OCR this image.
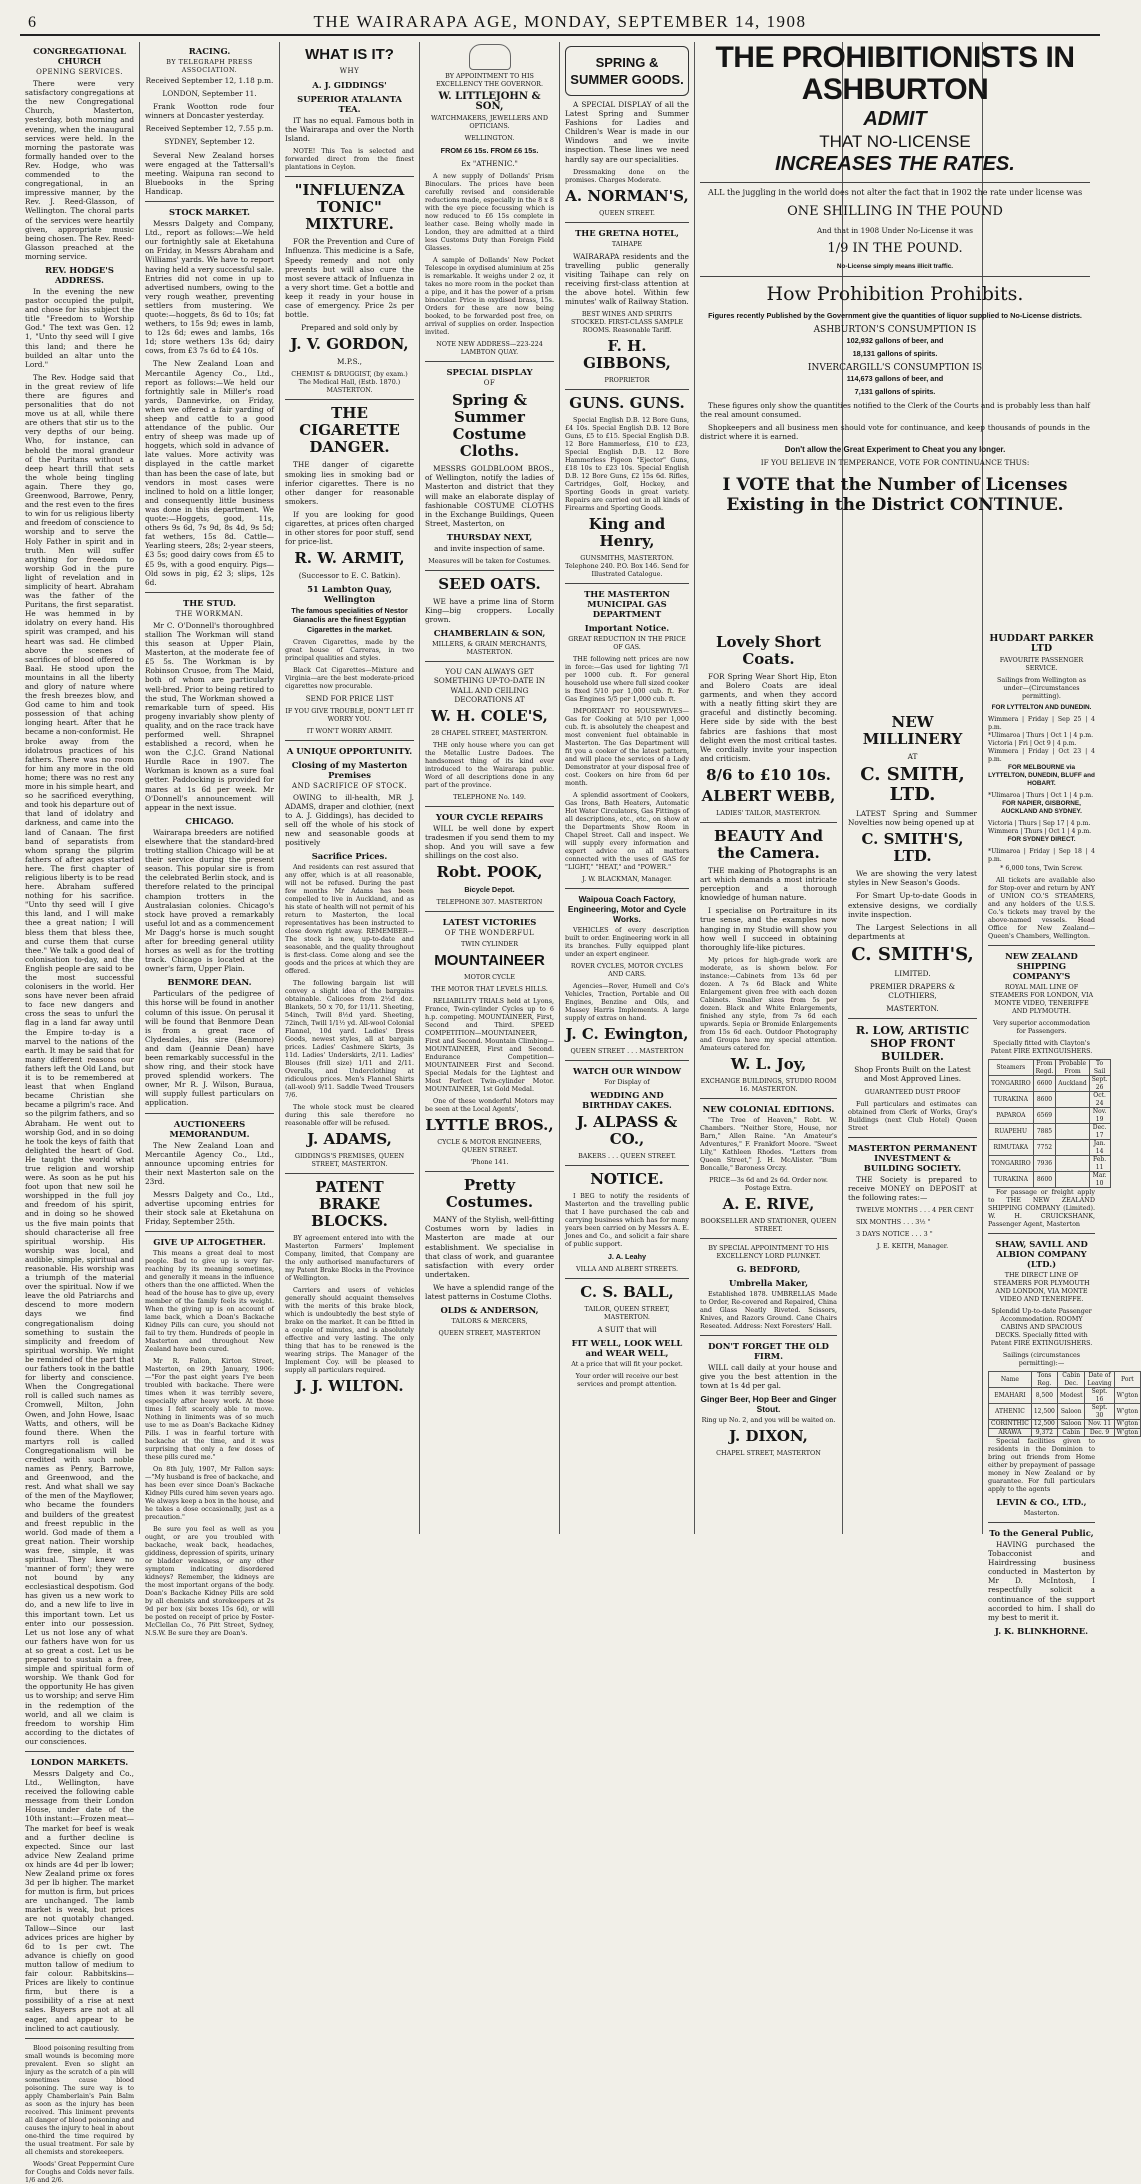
6	THE WAIRARAPA AGE, MONDAY, SEPTEMBER 14, 1908
CONGREGATIONAL CHURCH
OPENING SERVICES.

There were very satisfactory congregations at the new Congregational Church, Masterton, yesterday, both morning and evening, when the inaugural services were held. In the morning the pastorate was formally handed over to the Rev. Hodge, who was commended to the congregational, in an impressive manner, by the Rev. J. Reed-Glasson, of Wellington. The choral parts of the services were heartily given, appropriate music being chosen. The Rev. Reed-Glasson preached at the morning service.

REV. HODGE'S ADDRESS.

In the evening the new pastor occupied the pulpit, and chose for his subject the title "Freedom to Worship God." The text was Gen. 12 1, "Unto thy seed will I give this land; and there he builded an altar unto the Lord."

The Rev. Hodge said that in the great review of life there are figures and personalities that do not move us at all, while there are others that stir us to the very depths of our being. Who, for instance, can behold the moral grandeur of the Puritans without a deep heart thrill that sets the whole being tingling again. There they go, Greenwood, Barrowe, Penry, and the rest even to the fires to win for us religious liberty and freedom of conscience to worship and to serve the Holy Father in spirit and in truth. Men will suffer anything for freedom to worship God in the pure light of revelation and in simplicity of heart. Abraham was the father of the Puritans, the first separatist. He was hemmed in by idolatry on every hand. His spirit was cramped, and his heart was sad. He climbed above the scenes of sacrifices of blood offered to Baal. He stood upon the mountains in all the liberty and glory of nature where the fresh breezes blow, and God came to him and took possession of that aching longing heart. After that he became a non-conformist. He broke away from the idolatrous practices of his fathers. There was no room for him any more in the old home; there was no rest any more in his simple heart, and so he sacrificed everything, and took his departure out of that land of idolatry and darkness, and came into the land of Canaan. The first band of separatists from whom sprang the pilgrim fathers of after ages started here. The first chapter of religious liberty is to be read here. Abraham suffered nothing for his sacrifice. "Unto thy seed will I give this land, and I will make thee a great nation; I will bless them that bless thee, and curse them that curse thee." We talk a good deal of colonisation to-day, and the English people are said to be the most successful colonisers in the world. Her sons have never been afraid to face new dangers and cross the seas to unfurl the flag in a land far away until the Empire to-day is a marvel to the nations of the earth. It may be said that for many different reasons our fathers left the Old Land, but it is to be remembered at least that when England became Christian she became a pilgrim's race. And so the pilgrim fathers, and so Abraham. He went out to worship God, and in so doing he took the keys of faith that delighted the heart of God. He taught the world what true religion and worship were. As soon as he put his foot upon that new soil he worshipped in the full joy and freedom of his spirit, and in doing so he showed us the five main points that should characterise all free spiritual worship. His worship was local, and audible, simple, spiritual and reasonable. His worship was a triumph of the material over the spiritual. Now if we leave the old Patriarchs and descend to more modern days we find congregationalism doing something to sustain the simplicity and freedom of spiritual worship. We might be reminded of the part that our fathers took in the battle for liberty and conscience. When the Congregational roll is called such names as Cromwell, Milton, John Owen, and John Howe, Isaac Watts, and others, will be found there. When the martyrs roll is called Congregationalism will be credited with such noble names as Penry, Barrowe, and Greenwood, and the rest. And what shall we say of the men of the Mayflower, who became the founders and builders of the greatest and freest republic in the world. God made of them a great nation. Their worship was free, simple, it was spiritual. They knew no 'manner of form'; they were not bound by any ecclesiastical despotism. God has given us a new work to do, and a new life to live in this important town. Let us enter into our possession. Let us not lose any of what our fathers have won for us at so great a cost. Let us be prepared to sustain a free, simple and spiritual form of worship. We thank God for the opportunity He has given us to worship; and serve Him in the redemption of the world, and all we claim is freedom to worship Him according to the dictates of our consciences.

LONDON MARKETS.

Messrs Dalgety and Co., Ltd., Wellington, have received the following cable message from their London House, under date of the 10th instant:—Frozen meat—The market for beef is weak and a further decline is expected. Since our last advice New Zealand prime ox hinds are 4d per lb lower; New Zealand prime ox fores 3d per lb higher. The market for mutton is firm, but prices are unchanged. The lamb market is weak, but prices are not quotably changed. Tallow—Since our last advices prices are higher by 6d to 1s per cwt. The advance is chiefly on good mutton tallow of medium to fair colour. Rabbitskins—Prices are likely to continue firm, but there is a possibility of a rise at next sales. Buyers are not at all eager, and appear to be inclined to act cautiously.

Blood poisoning resulting from small wounds is becoming more prevalent. Even so slight an injury as the scratch of a pin will sometimes cause blood poisoning. The sure way is to apply Chamberlain's Pain Balm as soon as the injury has been received. This liniment prevents all danger of blood poisoning and causes the injury to heal in about one-third the time required by the usual treatment. For sale by all chemists and storekeepers.

Woods' Great Peppermint Cure for Coughs and Colds never fails. 1/6 and 2/6.

RACING.
BY TELEGRAPH PRESS ASSOCIATION.

Received September 12, 1.18 p.m.

LONDON, September 11.

Frank Wootton rode four winners at Doncaster yesterday.

Received September 12, 7.55 p.m.

SYDNEY, September 12.

Several New Zealand horses were engaged at the Tattersall's meeting. Waipuna ran second to Bluebooks in the Spring Handicap.

STOCK MARKET.

Messrs Dalgety and Company, Ltd., report as follows:—We held our fortnightly sale at Eketahuna on Friday, in Messrs Abraham and Williams' yards. We have to report having held a very successful sale. Entries did not come in up to advertised numbers, owing to the very rough weather, preventing settlers from mustering. We quote:—hoggets, 8s 6d to 10s; fat wethers, to 15s 9d; ewes in lamb, to 12s 6d; ewes and lambs, 16s 1d; store wethers 13s 6d; dairy cows, from £3 7s 6d to £4 10s.

The New Zealand Loan and Mercantile Agency Co., Ltd., report as follows:—We held our fortnightly sale in Miller's road yards, Dannevirke, on Friday, when we offered a fair yarding of sheep and cattle to a good attendance of the public. Our entry of sheep was made up of hoggets, which sold in advance of late values. More activity was displayed in the cattle market than has been the case of late, but vendors in most cases were inclined to hold on a little longer, and consequently little business was done in this department. We quote:—Hoggets, good, 11s, others 9s 6d, 7s 9d, 8s 4d, 9s 5d; fat wethers, 15s 8d. Cattle—Yearling steers, 28s; 2-year steers, £3 5s; good dairy cows from £5 to £5 9s, with a good enquiry. Pigs—Old sows in pig, £2 3; slips, 12s 6d.

THE STUD.
THE WORKMAN.

Mr C. O'Donnell's thoroughbred stallion The Workman will stand this season at Upper Plain, Masterton, at the moderate fee of £5 5s. The Workman is by Robinson Crusoe, from The Maid, both of whom are particularly well-bred. Prior to being retired to the stud, The Workman showed a remarkable turn of speed. His progeny invariably show plenty of quality, and on the race track have performed well. Shrapnel established a record, when he won the C.J.C. Grand National Hurdle Race in 1907. The Workman is known as a sure foal getter. Paddocking is provided for mares at 1s 6d per week. Mr O'Donnell's announcement will appear in the next issue.

CHICAGO.

Wairarapa breeders are notified elsewhere that the standard-bred trotting stallion Chicago will be at their service during the present season. This popular sire is from the celebrated Berlin stock, and is therefore related to the principal champion trotters in the Australasian colonies. Chicago's stock have proved a remarkably useful lot and as a commencement Mr Dagg's horse is much sought after for breeding general utility horses as well as for the trotting track. Chicago is located at the owner's farm, Upper Plain.

BENMORE DEAN.

Particulars of the pedigree of this horse will be found in another column of this issue. On perusal it will be found that Benmore Dean is from a great race of Clydesdales, his sire (Benmore) and dam (Jeannie Dean) have been remarkably successful in the show ring, and their stock have proved splendid workers. The owner, Mr R. J. Wilson, Buraua, will supply fullest particulars on application.

AUCTIONEERS MEMORANDUM.

The New Zealand Loan and Mercantile Agency Co., Ltd., announce upcoming entries for their next Masterton sale on the 23rd.

Messrs Dalgety and Co., Ltd., advertise upcoming entries for their stock sale at Eketahuna on Friday, September 25th.

GIVE UP ALTOGETHER.

This means a great deal to most people. Bad to give up is very far-reaching by its meaning sometimes, and generally it means in the influence others than the one afflicted. When the head of the house has to give up, every member of the family feels its weight. When the giving up is on account of lame back, which a Doan's Backache Kidney Pills can cure, you should not fail to try them. Hundreds of people in Masterton and throughout New Zealand have been cured.

Mr R. Fallon, Kirton Street, Masterton, on 29th January, 1906:—"For the past eight years I've been troubled with backache. There were times when it was terribly severe, especially after heavy work. At those times I felt scarcely able to move. Nothing in liniments was of so much use to me as Doan's Backache Kidney Pills. I was in fearful torture with backache at the time, and it was surprising that only a few doses of these pills cured me."

On 8th July, 1907, Mr Fallon says:—"My husband is free of backache, and has been ever since Doan's Backache Kidney Pills cured him seven years ago. We always keep a box in the house, and he takes a dose occasionally, just as a precaution."

Be sure you feel as well as you ought, or are you troubled with backache, weak back, headaches, giddiness, depression of spirits, urinary or bladder weakness, or any other symptom indicating disordered kidneys? Remember, the kidneys are the most important organs of the body. Doan's Backache Kidney Pills are sold by all chemists and storekeepers at 2s 9d per box (six boxes 15s 6d), or will be posted on receipt of price by Foster-McClellan Co., 76 Pitt Street, Sydney, N.S.W. Be sure they are Doan's.

WHAT IS IT?
WHY
A. J. GIDDINGS'
SUPERIOR ATALANTA TEA.

IT has no equal. Famous both in the Wairarapa and over the North Island.

NOTE! This Tea is selected and forwarded direct from the finest plantations in Ceylon.

"INFLUENZA TONIC" MIXTURE.

FOR the Prevention and Cure of Influenza. This medicine is a Safe, Speedy remedy and not only prevents but will also cure the most severe attack of Influenza in a very short time. Get a bottle and keep it ready in your house in case of emergency. Price 2s per bottle.

Prepared and sold only by

J. V. GORDON,

M.P.S.,

CHEMIST & DRUGGIST, (by exam.) The Medical Hall, (Estb. 1870.) MASTERTON.

THE CIGARETTE DANGER.

THE danger of cigarette smoking lies in smoking bad or inferior cigarettes. There is no other danger for reasonable smokers.

If you are looking for good cigarettes, at prices often charged in other stores for poor stuff, send for price-list.

R. W. ARMIT,

(Successor to E. C. Batkin).

51 Lambton Quay, Wellington

The famous specialities of Nestor Gianaclis are the finest Egyptian Cigarettes in the market.

Craven Cigarettes, made by the great house of Carreras, in two principal qualities and styles.

Black Cat Cigarettes—Mixture and Virginia—are the best moderate-priced cigarettes now procurable.

SEND FOR PRICE LIST

IF YOU GIVE TROUBLE, DON'T LET IT WORRY YOU.

IT WON'T WORRY ARMIT.

A UNIQUE OPPORTUNITY.
Closing of my Masterton Premises
AND SACRIFICE OF STOCK.

OWING to ill-health, MR J. ADAMS, draper and clothier, (next to A. J. Giddings), has decided to sell off the whole of his stock of new and seasonable goods at positively

Sacrifice Prices.

And residents can rest assured that any offer, which is at all reasonable, will not be refused. During the past few months Mr Adams has been compelled to live in Auckland, and as his state of health will not permit of his return to Masterton, the local representatives has been instructed to close down right away. REMEMBER—The stock is new, up-to-date and seasonable, and the quality throughout is first-class. Come along and see the goods and the prices at which they are offered.

The following bargain list will convey a slight idea of the bargains obtainable. Calicoes from 2½d doz. Blankets, 50 x 70, for 11/11. Sheeting, 54inch, Twill 8½d yard. Sheeting, 72inch, Twill 1/1½ yd. All-wool Colonial Flannel, 10d yard. Ladies' Dress Goods, newest styles, all at bargain prices. Ladies' Cashmere Skirts, 3s 11d. Ladies' Underskirts, 2/11. Ladies' Blouses (frill size) 1/11 and 2/11. Overalls, and Underclothing at ridiculous prices. Men's Flannel Shirts (all-wool) 9/11. Saddle Tweed Trousers 7/6.

The whole stock must be cleared during this sale therefore no reasonable offer will be refused.

J. ADAMS,

GIDDINGS'S PREMISES, QUEEN STREET, MASTERTON.

PATENT BRAKE BLOCKS.

BY agreement entered into with the Masterton Farmers' Implement Company, limited, that Company are the only authorised manufacturers of my Patent Brake Blocks in the Province of Wellington.

Carriers and users of vehicles generally should acquaint themselves with the merits of this brake block, which is undoubtedly the best style of brake on the market. It can be fitted in a couple of minutes, and is absolutely effective and very lasting. The only thing that has to be renewed is the wearing strips. The Manager of the Implement Coy. will be pleased to supply all particulars required.

J. J. WILTON.

BY APPOINTMENT TO HIS EXCELLENCY THE GOVERNOR.

W. LITTLEJOHN & SON,

WATCHMAKERS, JEWELLERS AND OPTICIANS.

WELLINGTON.

FROM £6 15s. FROM £6 15s.

Ex "ATHENIC."

A new supply of Dollands' Prism Binoculars. The prices have been carefully revised and considerable reductions made, especially in the 8 x 8 with the eye piece focussing which is now reduced to £6 15s complete in leather case. Being wholly made in London, they are admitted at a third less Customs Duty than Foreign Field Glasses.

A sample of Dollands' New Pocket Telescope in oxydised aluminium at 25s is remarkable. It weighs under 2 oz, it takes no more room in the pocket than a pipe, and it has the power of a prism binocular. Price in oxydised brass, 15s. Orders for these are now being booked, to be forwarded post free, on arrival of supplies on order. Inspection invited.

NOTE NEW ADDRESS—223-224 LAMBTON QUAY.

SPECIAL DISPLAY
OF
Spring & Summer Costume Cloths.

MESSRS GOLDBLOOM BROS., of Wellington, notify the ladies of Masterton and district that they will make an elaborate display of fashionable COSTUME CLOTHS in the Exchange Buildings, Queen Street, Masterton, on

THURSDAY NEXT,

and invite inspection of same.

Measures will be taken for Costumes.

SEED OATS.

WE have a prime lina of Storm King—big croppers. Locally grown.

CHAMBERLAIN & SON,

MILLERS, & GRAIN MERCHANTS, MASTERTON.

YOU CAN ALWAYS GET SOMETHING UP-TO-DATE IN WALL AND CEILING DECORATIONS AT

W. H. COLE'S,

28 CHAPEL STREET, MASTERTON.

THE only house where you can get the Metallic Lustre Dadoes. The handsomest thing of its kind ever introduced to the Wairarapa public. Word of all descriptions done in any part of the province.

TELEPHONE No. 149.

YOUR CYCLE REPAIRS

WILL be well done by expert tradesmen if you send them to my shop. And you will save a few shillings on the cost also.

Robt. POOK,

Bicycle Depot.

TELEPHONE 307. MASTERTON

LATEST VICTORIES
OF THE WONDERFUL

TWIN CYLINDER

MOUNTAINEER

MOTOR CYCLE

THE MOTOR THAT LEVELS HILLS.

RELIABILITY TRIALS held at Lyons, France, Twin-cylinder Cycles up to 6 h.p. competing. MOUNTAINEER, First, Second and Third. SPEED COMPETITION—MOUNTAINEER, First and Second. Mountain Climbing—MOUNTAINEER, First and Second. Endurance Competition—MOUNTAINEER First and Second. Special Medals for the Lightest and Most Perfect Twin-cylinder Motor. MOUNTAINEER, 1st Gold Medal.

One of these wonderful Motors may be seen at the Local Agents',

LYTTLE BROS.,

CYCLE & MOTOR ENGINEERS, QUEEN STREET.

'Phone 141.

Pretty Costumes.

MANY of the Stylish, well-fitting Costumes worn by ladies in Masterton are made at our establishment. We specialise in that class of work, and guarantee satisfaction with every order undertaken.

We have a splendid range of the latest patterns in Costume Cloths.

OLDS & ANDERSON,

TAILORS & MERCERS,

QUEEN STREET, MASTERTON

SPRING & SUMMER GOODS.

A SPECIAL DISPLAY of all the Latest Spring and Summer Fashions for Ladies and Children's Wear is made in our Windows and we invite inspection. These lines we need hardly say are our specialities.

Dressmaking done on the promises. Charges Moderate.

A. NORMAN'S,

QUEEN STREET.

THE GRETNA HOTEL,

TAIHAPE

WAIRARAPA residents and the travelling public generally visiting Taihape can rely on receiving first-class attention at the above hotel. Within few minutes' walk of Railway Station.

BEST WINES AND SPIRITS STOCKED. FIRST-CLASS SAMPLE ROOMS. Reasonable Tariff.

F. H. GIBBONS,

PROPRIETOR

GUNS. GUNS.

Special English D.B. 12 Bore Guns, £4 10s. Special English D.B. 12 Bore Guns, £5 to £15. Special English D.B. 12 Bore Hammerless, £10 to £23, Special English D.B. 12 Bore Hammerless Pigeon "Ejector" Guns, £18 10s to £23 10s. Special English D.B. 12 Bore Guns, £2 15s 6d. Rifles, Cartridges, Golf, Hockey, and Sporting Goods in great variety. Repairs are carried out in all kinds of Firearms and Sporting Goods.

King and Henry,

GUNSMITHS, MASTERTON. Telephone 240. P.O. Box 146. Send for Illustrated Catalogue.

THE MASTERTON MUNICIPAL GAS DEPARTMENT
Important Notice.

GREAT REDUCTION IN THE PRICE OF GAS.

THE following nett prices are now in force:—Gas used for lighting 7/1 per 1000 cub. ft. For general household use where full sized cooker is fixed 5/10 per 1,000 cub. ft. For Gas Engines 5/5 per 1,000 cub. ft.

IMPORTANT TO HOUSEWIVES—Gas for Cooking at 5/10 per 1,000 cub. ft. is absolutely the cheapest and most convenient fuel obtainable in Masterton. The Gas Department will fit you a cooker of the latest pattern, and will place the services of a Lady Demonstrator at your disposal free of cost. Cookers on hire from 6d per month.

A splendid assortment of Cookers, Gas Irons, Bath Heaters, Automatic Hot Water Circulators, Gas Fittings of all descriptions, etc., etc., on show at the Departments Show Room in Chapel Street. Call and inspect. We will supply every information and expert advice on all matters connected with the uses of GAS for "LIGHT," "HEAT," and "POWER."

J. W. BLACKMAN, Manager.

Waipoua Coach Factory, Engineering, Motor and Cycle Works.

VEHICLES of every description built to order. Engineering work in all its branches. Fully equipped plant under an expert engineer.

ROVER CYCLES, MOTOR CYCLES AND CARS.

Agencies—Rover, Humell and Co's Vehicles, Traction, Portable and Oil Engines, Benzine and Oils, and Massey Harris Implements. A large supply of extras on hand.

J. C. Ewington,

QUEEN STREET . . . MASTERTON

WATCH OUR WINDOW

For Display of

WEDDING AND BIRTHDAY CAKES.
J. ALPASS & CO.,

BAKERS . . . QUEEN STREET.

NOTICE.

I BEG to notify the residents of Masterton and the travelling public that I have purchased the cab and carrying business which has for many years been carried on by Messrs A. E. Jones and Co., and solicit a fair share of public support.

J. A. Leahy

VILLA AND ALBERT STREETS.

C. S. BALL,

TAILOR, QUEEN STREET, MASTERTON.

A SUIT that will

FIT WELL, LOOK WELL and WEAR WELL,

At a price that will fit your pocket.

Your order will receive our best services and prompt attention.

THE PROHIBITIONISTS IN ASHBURTON
ADMIT
THAT NO-LICENSE
INCREASES THE RATES.

ALL the juggling in the world does not alter the fact that in 1902 the rate under license was

ONE SHILLING IN THE POUND

And that in 1908 Under No-License it was

1/9 IN THE POUND.

No-License simply means illicit traffic.

How Prohibition Prohibits.

Figures recently Published by the Government give the quantities of liquor supplied to No-License districts.

ASHBURTON'S CONSUMPTION IS

102,932 gallons of beer, and

18,131 gallons of spirits.

INVERCARGILL'S CONSUMPTION IS

114,673 gallons of beer, and

7,131 gallons of spirits.

These figures only show the quantities notified to the Clerk of the Courts and is probably less than half the real amount consumed.

Shopkeepers and all business men should vote for continuance, and keep thousands of pounds in the district where it is earned.

Don't allow the Great Experiment to Cheat you any longer.

IF YOU BELIEVE IN TEMPERANCE, VOTE FOR CONTINUANCE THUS:

I VOTE that the Number of Licenses Existing in the District CONTINUE.
Lovely Short Coats.

FOR Spring Wear Short Hip, Eton and Bolero Coats are ideal garments, and when they accord with a neatly fitting skirt they are graceful and distinctly becoming. Here side by side with the best fabrics are fashions that most delight even the most critical tastes. We cordially invite your inspection and criticism.

8/6 to £10 10s.
ALBERT WEBB,

LADIES' TAILOR, MASTERTON.

BEAUTY And the Camera.

THE making of Photographs is an art which demands a most intricate perception and a thorough knowledge of human nature.

I specialise on Portraiture in its true sense, and the examples now hanging in my Studio will show you how well I succeed in obtaining thoroughly life-like pictures.

My prices for high-grade work are moderate, as is shown below. For instance:—Cabinets from 13s 6d per dozen. A 7s 6d Black and White Enlargement given free with each dozen Cabinets. Smaller sizes from 5s per dozen. Black and White Enlargements, finished any style, from 7s 6d each upwards. Sepia or Bromide Enlargements from 15s 6d each. Outdoor Photography and Groups have my special attention. Amateurs catered for.

W. L. Joy,

EXCHANGE BUILDINGS, STUDIO ROOM 16. MASTERTON.

NEW COLONIAL EDITIONS.

"The Tree of Heaven," Robt. W. Chambers. "Neither Store, House, nor Barn," Allen Raine. "An Amateur's Adventures," F. Frankfort Moore. "Sweet Lily," Kathleen Rhodes. "Letters from Queen Street," J. H. McAlister. "Bum Boncalle," Baroness Orczy.

PRICE—3s 6d and 2s 6d. Order now. Postage Extra.

A. E. RIVE,

BOOKSELLER AND STATIONER, QUEEN STREET.

BY SPECIAL APPOINTMENT TO HIS EXCELLENCY LORD PLUNKET.

G. BEDFORD,
Umbrella Maker,

Established 1878. UMBRELLAS Made to Order, Re-covered and Repaired, China and Glass Neatly Riveted. Scissors, Knives, and Razors Ground. Cane Chairs Reseated. Address: Next Foresters' Hall.

DON'T FORGET THE OLD FIRM.

WILL call daily at your house and give you the best attention in the town at 1s 4d per gal.

Ginger Beer, Hop Beer and Ginger Stout.

Ring up No. 2, and you will be waited on.

J. DIXON,

CHAPEL STREET, MASTERTON

NEW MILLINERY

AT

C. SMITH, LTD.

LATEST Spring and Summer Novelties now being opened up at

C. SMITH'S, LTD.

We are showing the very latest styles in New Season's Goods.

For Smart Up-to-date Goods in extensive designs, we cordially invite inspection.

The Largest Selections in all departments at

C. SMITH'S,

LIMITED.

PREMIER DRAPERS & CLOTHIERS,

MASTERTON.

R. LOW, ARTISTIC SHOP FRONT BUILDER.

Shop Fronts Built on the Latest and Most Approved Lines.

GUARANTEED DUST PROOF

Full particulars and estimates can obtained from Clerk of Works, Gray's Buildings (next Club Hotel) Queen Street

MASTERTON PERMANENT INVESTMENT & BUILDING SOCIETY.

THE Society is prepared to receive MONEY on DEPOSIT at the following rates:—

TWELVE MONTHS . . . 4 PER CENT

SIX MONTHS . . . 3½ "

3 DAYS NOTICE . . . 3 "

J. E. KEITH, Manager.

HUDDART PARKER LTD

FAVOURITE PASSENGER SERVICE.

Sailings from Wellington as under—(Circumstances permitting).

FOR LYTTELTON AND DUNEDIN.

Wimmera | Friday | Sep 25 | 4 p.m.
*Ulimaroa | Thurs | Oct 1 | 4 p.m.
Victoria | Fri | Oct 9 | 4 p.m.
Wimmera | Friday | Oct 23 | 4 p.m.

FOR MELBOURNE via LYTTELTON, DUNEDIN, BLUFF and HOBART.

*Ulimaroa | Thurs | Oct 1 | 4 p.m.

FOR NAPIER, GISBORNE, AUCKLAND AND SYDNEY.

Victoria | Thurs | Sep 17 | 4 p.m.
Wimmera | Thurs | Oct 1 | 4 p.m.

FOR SYDNEY DIRECT.

*Ulimaroa | Friday | Sep 18 | 4 p.m.

* 6,000 tons, Twin Screw.

All tickets are available also for Stop-over and return by ANY of UNION CO.'S STEAMERS, and any holders of the U.S.S. Co.'s tickets may travel by the above-named vessels. Head Office for New Zealand—Queen's Chambers, Wellington.

NEW ZEALAND SHIPPING COMPANY'S

ROYAL MAIL LINE OF STEAMERS FOR LONDON, VIA MONTE VIDEO, TENERIFFE AND PLYMOUTH.

Very superior accommodation for Passengers.

Specially fitted with Clayton's Patent FIRE EXTINGUISHERS.

Steamers	From Regd.	Probable From	To Sail
TONGARIRO	6600	Auckland	Sept. 26
TURAKINA	8600		Oct. 24
PAPAROA	6569		Nov. 19
RUAPEHU	7885		Dec. 17
RIMUTAKA	7752		Jan. 14
TONGARIRO	7936		Feb. 11
TURAKINA	8600		Mar. 10

For passage or freight apply to THE NEW ZEALAND SHIPPING COMPANY (Limited). W. H. CRUICKSHANK, Passenger Agent, Masterton

SHAW, SAVILL AND ALBION COMPANY (LTD.)

THE DIRECT LINE OF STEAMERS FOR PLYMOUTH AND LONDON, VIA MONTE VIDEO AND TENERIFFE.

Splendid Up-to-date Passenger Accommodation. ROOMY CABINS AND SPACIOUS DECKS. Specially fitted with Patent FIRE EXTINGUISHERS.

Sailings (circumstances permitting):—

Name	Tons Reg.	Cabin Dec.	Date of Leaving	Port
EMAHARI	8,500	Modest	Sept. 16	W'gton
ATHENIC	12,500	Saloon	Sept. 30	W'gton
CORINTHIC	12,500	Saloon	Nov. 11	W'gton
ARAWA	9,372	Cabin	Dec. 9	W'gton

Special facilities given to residents in the Dominion to bring out friends from Home either by prepayment of passage money in New Zealand or by guarantee. For full particulars apply to the agents

LEVIN & CO., LTD.,

Masterton.

To the General Public,

HAVING purchased the Tobacconist and Hairdressing business conducted in Masterton by Mr D. McIntosh, I respectfully solicit a continuance of the support accorded to him. I shall do my best to merit it.

J. K. BLINKHORNE.
